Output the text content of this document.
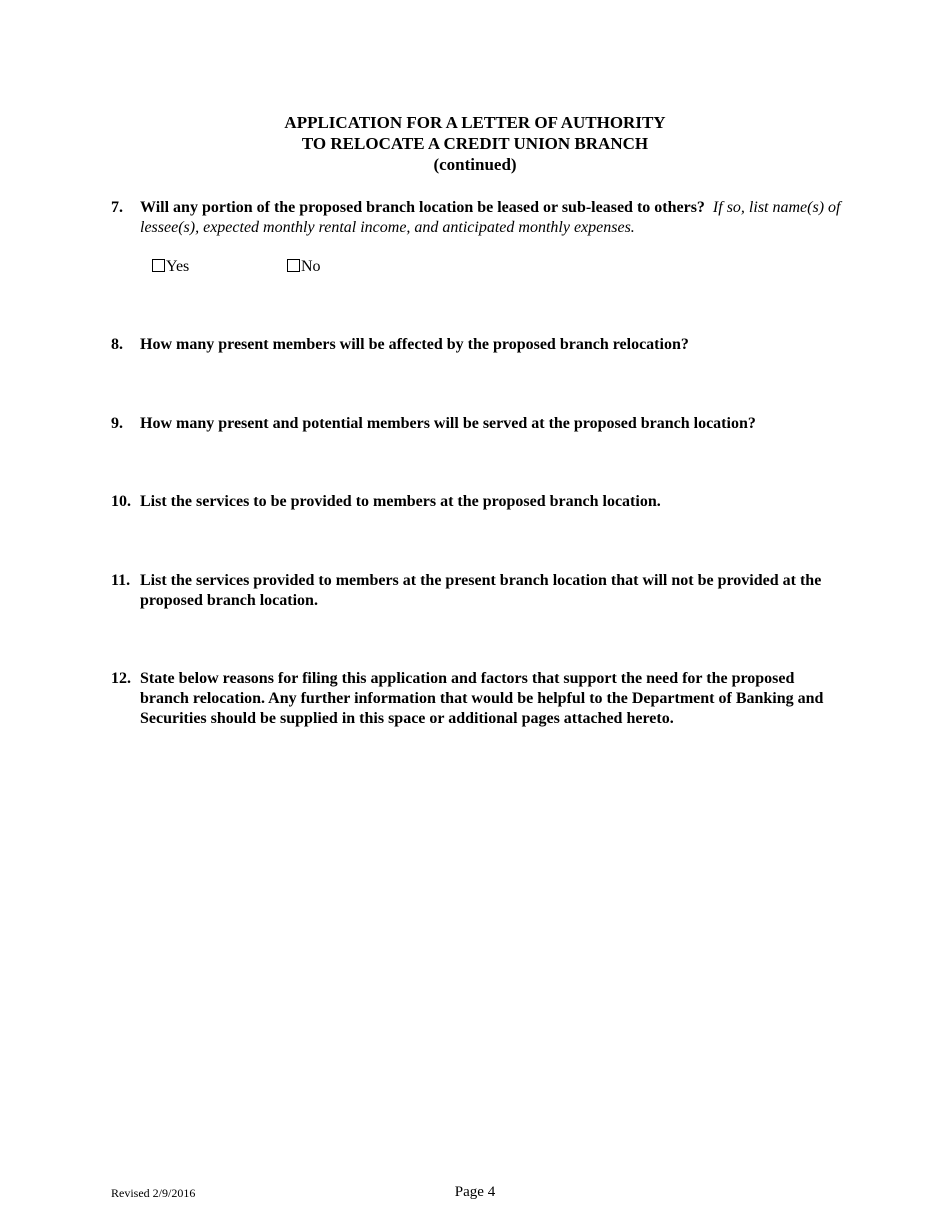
APPLICATION FOR A LETTER OF AUTHORITY
TO RELOCATE A CREDIT UNION BRANCH
(continued)
7. Will any portion of the proposed branch location be leased or sub-leased to others? If so, list name(s) of lessee(s), expected monthly rental income, and anticipated monthly expenses.
Yes	No
8. How many present members will be affected by the proposed branch relocation?
9. How many present and potential members will be served at the proposed branch location?
10. List the services to be provided to members at the proposed branch location.
11. List the services provided to members at the present branch location that will not be provided at the proposed branch location.
12. State below reasons for filing this application and factors that support the need for the proposed branch relocation. Any further information that would be helpful to the Department of Banking and Securities should be supplied in this space or additional pages attached hereto.
Revised 2/9/2016	Page 4
